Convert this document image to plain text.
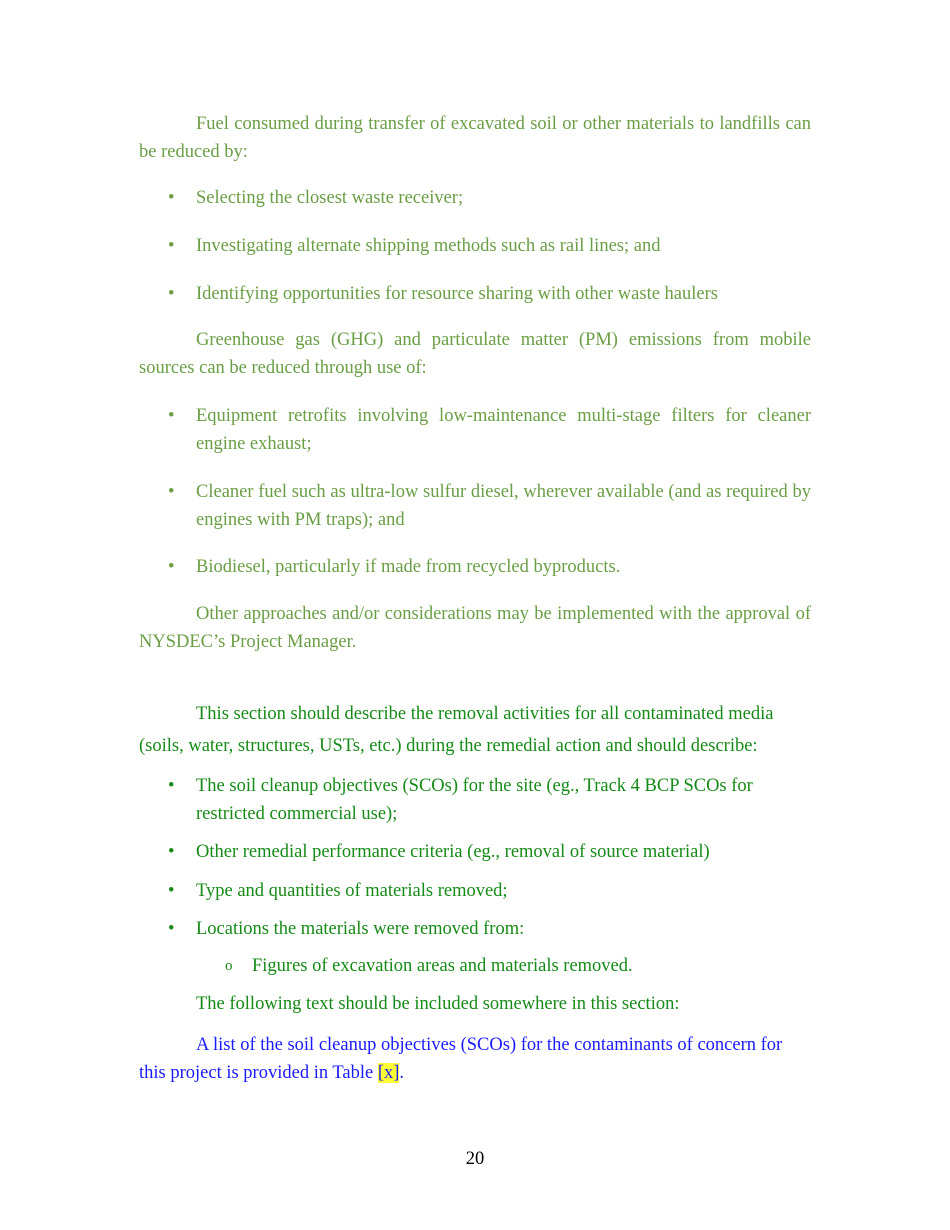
Fuel consumed during transfer of excavated soil or other materials to landfills can be reduced by:

• Selecting the closest waste receiver;
• Investigating alternate shipping methods such as rail lines; and
• Identifying opportunities for resource sharing with other waste haulers

Greenhouse gas (GHG) and particulate matter (PM) emissions from mobile sources can be reduced through use of:

• Equipment retrofits involving low-maintenance multi-stage filters for cleaner engine exhaust;
• Cleaner fuel such as ultra-low sulfur diesel, wherever available (and as required by engines with PM traps); and
• Biodiesel, particularly if made from recycled byproducts.

Other approaches and/or considerations may be implemented with the approval of NYSDEC’s Project Manager.

This section should describe the removal activities for all contaminated media (soils, water, structures, USTs, etc.) during the remedial action and should describe:

• The soil cleanup objectives (SCOs) for the site (eg., Track 4 BCP SCOs for restricted commercial use);
• Other remedial performance criteria (eg., removal of source material)
• Type and quantities of materials removed;
• Locations the materials were removed from:
o Figures of excavation areas and materials removed.

The following text should be included somewhere in this section:

A list of the soil cleanup objectives (SCOs) for the contaminants of concern for this project is provided in Table [x].

20
